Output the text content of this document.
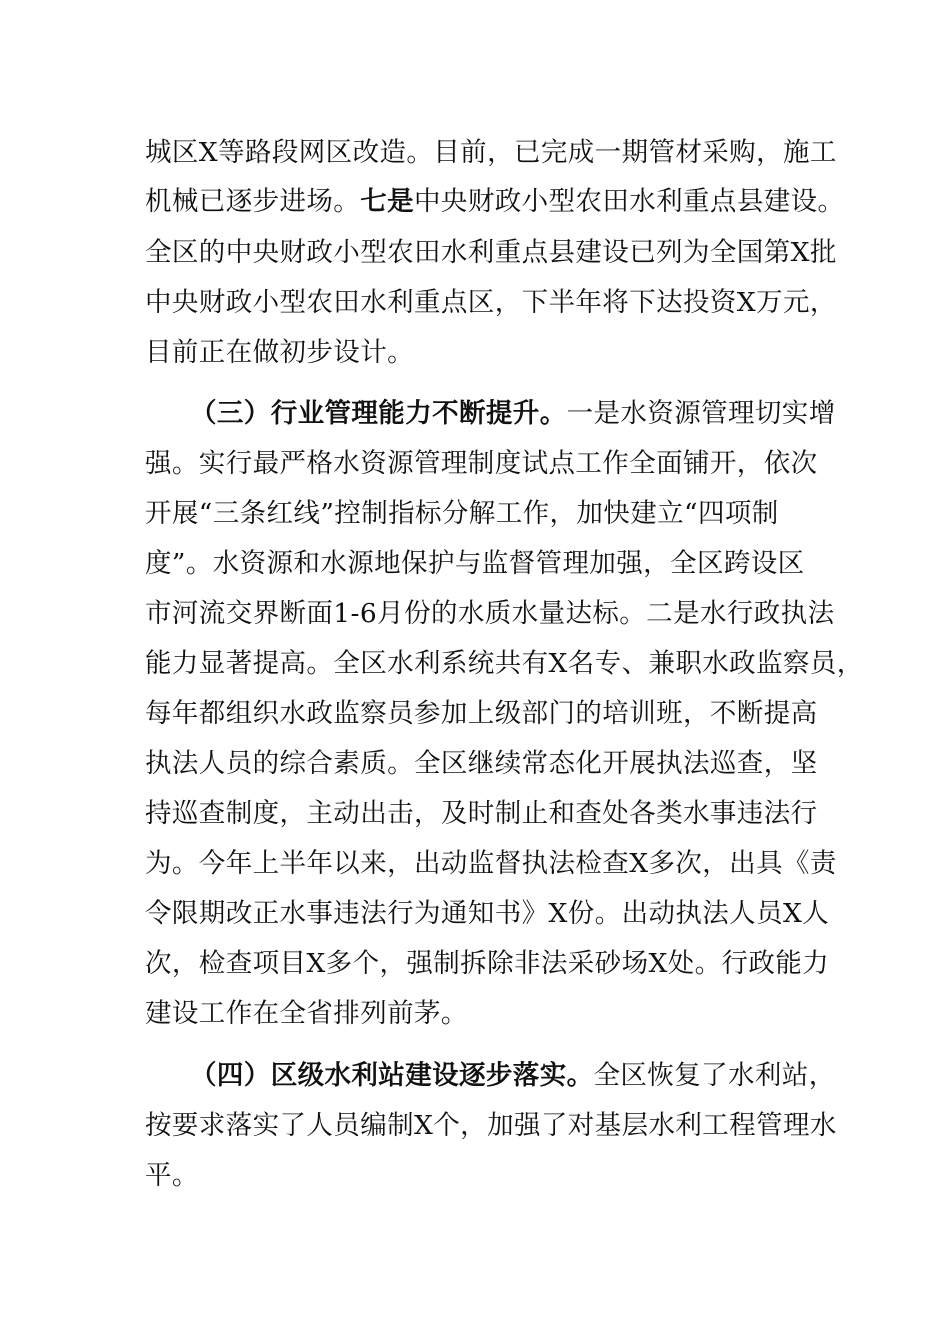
城区X等路段网区改造。目前，已完成一期管材采购，施工
机械已逐步进场。七是中央财政小型农田水利重点县建设。
全区的中央财政小型农田水利重点县建设已列为全国第X批
中央财政小型农田水利重点区，下半年将下达投资X万元，
目前正在做初步设计。
（三）行业管理能力不断提升。一是水资源管理切实增
强。实行最严格水资源管理制度试点工作全面铺开，依次
开展“三条红线”控制指标分解工作，加快建立“四项制
度”。水资源和水源地保护与监督管理加强，全区跨设区
市河流交界断面1-6月份的水质水量达标。二是水行政执法
能力显著提高。全区水利系统共有X名专、兼职水政监察员，
每年都组织水政监察员参加上级部门的培训班，不断提高
执法人员的综合素质。全区继续常态化开展执法巡查，坚
持巡查制度，主动出击，及时制止和查处各类水事违法行
为。今年上半年以来，出动监督执法检查X多次，出具《责
令限期改正水事违法行为通知书》X份。出动执法人员X人
次，检查项目X多个，强制拆除非法采砂场X处。行政能力
建设工作在全省排列前茅。
（四）区级水利站建设逐步落实。全区恢复了水利站，
按要求落实了人员编制X个，加强了对基层水利工程管理水
平。
